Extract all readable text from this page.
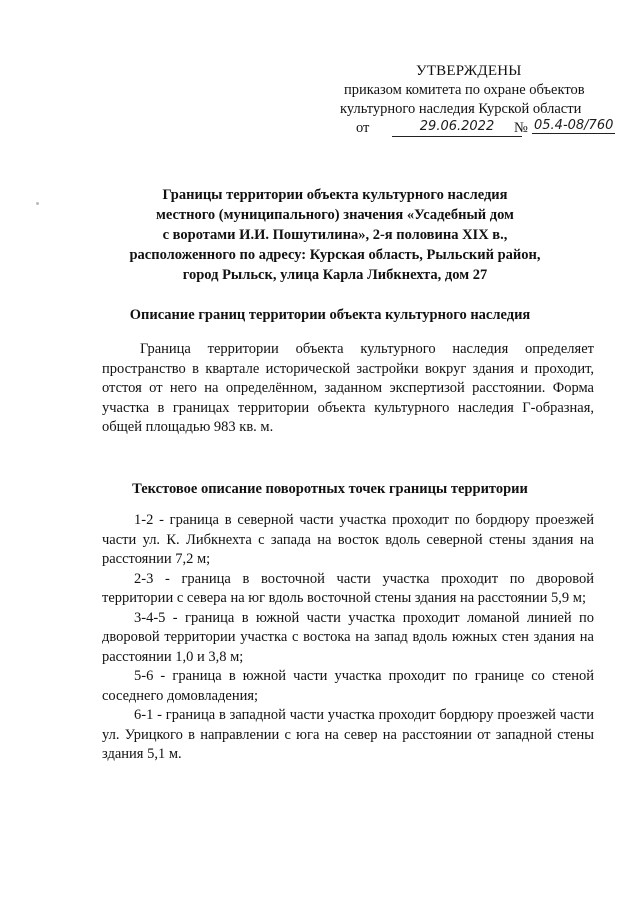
УТВЕРЖДЕНЫ
приказом комитета по охране объектов
культурного наследия Курской области
от	29.06.2022	№ 05.4-08/760
Границы территории объекта культурного наследия
местного (муниципального) значения «Усадебный дом
с воротами И.И. Пошутилина», 2-я половина XIX в.,
расположенного по адресу: Курская область, Рыльский район,
город Рыльск, улица Карла Либкнехта, дом 27
Описание границ территории объекта культурного наследия
Граница территории объекта культурного наследия определяет пространство в квартале исторической застройки вокруг здания и проходит, отстоя от него на определённом, заданном экспертизой расстоянии. Форма участка в границах территории объекта культурного наследия Г-образная, общей площадью 983 кв. м.
Текстовое описание поворотных точек границы территории

1-2 - граница в северной части участка проходит по бордюру проезжей части ул. К. Либкнехта с запада на восток вдоль северной стены здания на расстоянии 7,2 м;

2-3 - граница в восточной части участка проходит по дворовой территории с севера на юг вдоль восточной стены здания на расстоянии 5,9 м;

3-4-5 - граница в южной части участка проходит ломаной линией по дворовой территории участка с востока на запад вдоль южных стен здания на расстоянии 1,0 и 3,8 м;

5-6 - граница в южной части участка проходит по границе со стеной соседнего домовладения;

6-1 - граница в западной части участка проходит бордюру проезжей части ул. Урицкого в направлении с юга на север на расстоянии от западной стены здания 5,1 м.
